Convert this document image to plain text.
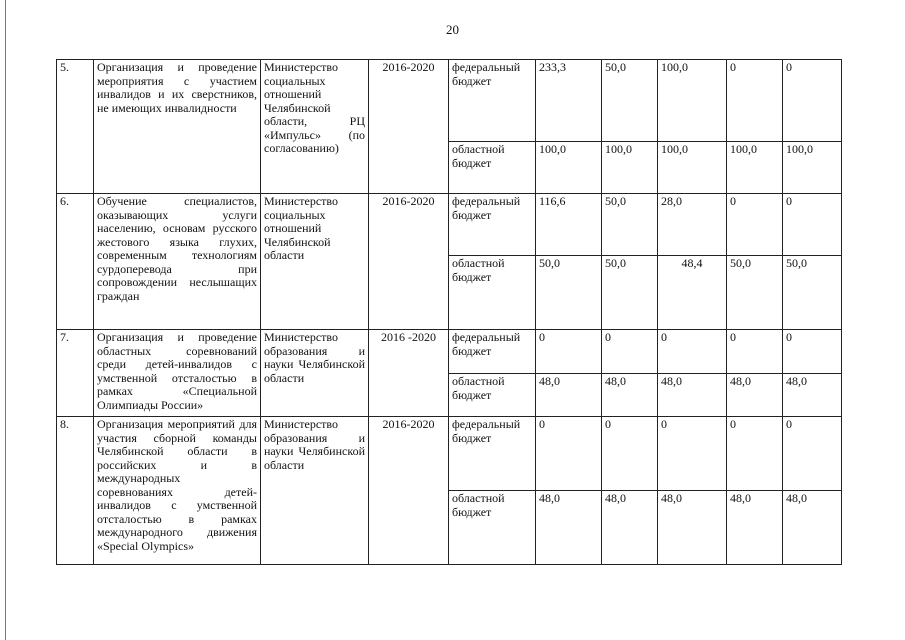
20
5.	Организация и проведение мероприятия с участием инвалидов и их сверстников, не имеющих инвалидности	Министерство социальных отношений Челябинской области, РЦ «Импульс» (по согласованию)	2016-2020	федеральный бюджет	233,3	50,0	100,0	0	0
				областной бюджет	100,0	100,0	100,0	100,0	100,0
6.	Обучение специалистов, оказывающих услуги населению, основам русского жестового языка глухих, современным технологиям сурдоперевода при сопровождении неслышащих граждан	Министерство социальных отношений Челябинской области	2016-2020	федеральный бюджет	116,6	50,0	28,0	0	0
				областной бюджет	50,0	50,0	48,4	50,0	50,0
7.	Организация и проведение областных соревнований среди детей-инвалидов с умственной отсталостью в рамках «Специальной Олимпиады России»	Министерство образования и науки Челябинской области	2016 -2020	федеральный бюджет	0	0	0	0	0
				областной бюджет	48,0	48,0	48,0	48,0	48,0
8.	Организация мероприятий для участия сборной команды Челябинской области в российских и в международных соревнованиях детей-инвалидов с умственной отсталостью в рамках международного движения «Special Olympics»	Министерство образования и науки Челябинской области	2016-2020	федеральный бюджет	0	0	0	0	0
				областной бюджет	48,0	48,0	48,0	48,0	48,0
